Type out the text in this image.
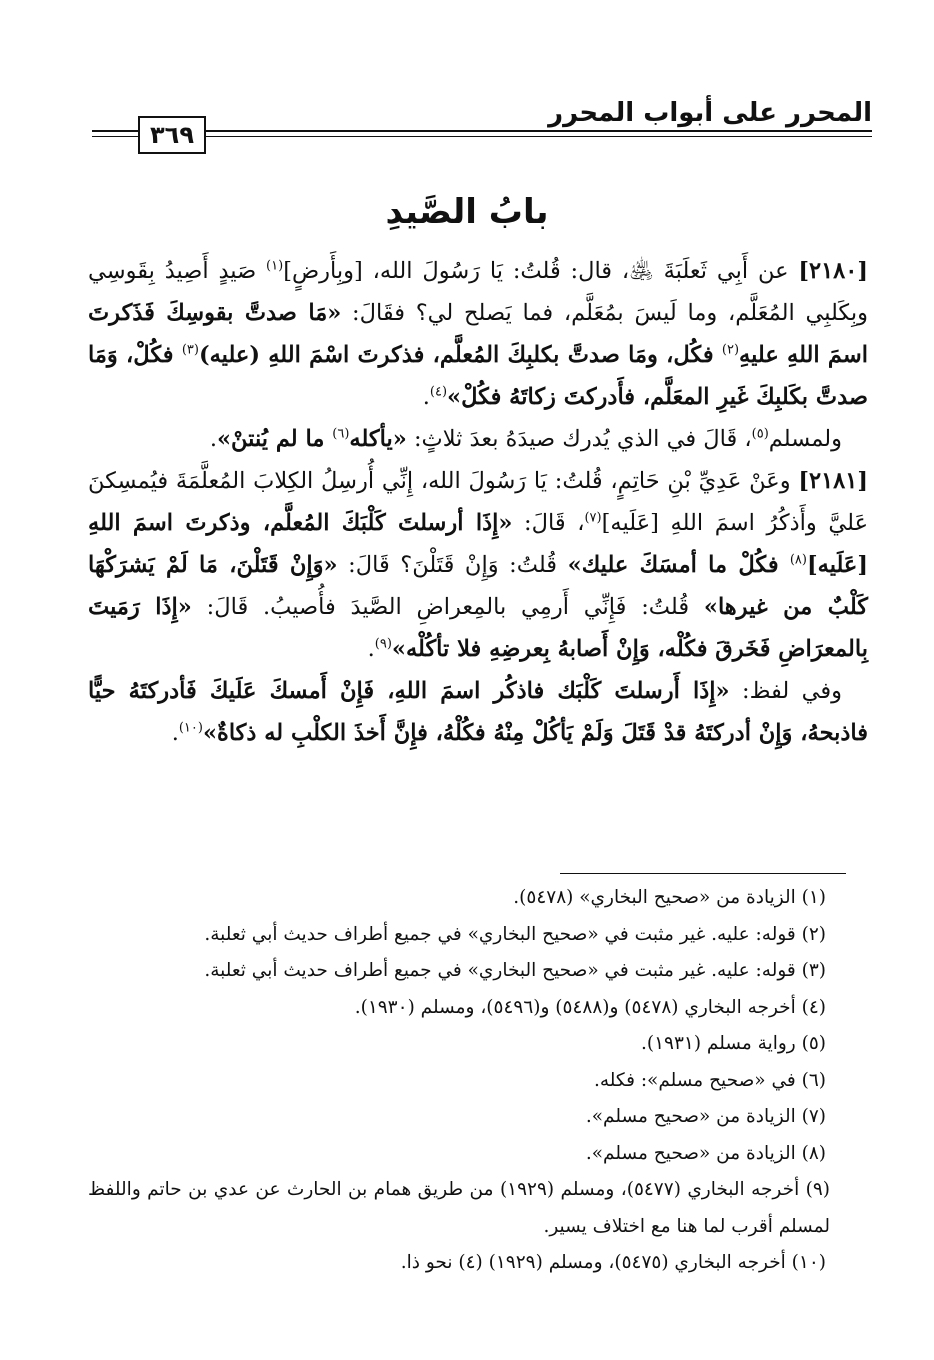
المحرر على أبواب المحرر
٣٦٩
بابُ الصَّيدِ

[٢١٨٠] عن أَبِي ثَعلَبَةَ ﵁، قال: قُلتُ: يَا رَسُولَ الله، [وبِأَرضٍ]$^{(١)}$ صَيدٍ أَصِيدُ بِقَوسِي وبِكَلبِي المُعَلَّم، وما لَيسَ بمُعَلَّم، فما يَصلح لي؟ فقَالَ: «مَا صدتَّ بقوسِكَ فَذَكرتَ اسمَ اللهِ عليهِ$^{(٢)}$ فكُل، ومَا صدتَّ بكلبِكَ المُعلَّم، فذكرتَ اسْمَ اللهِ (عليه)$^{(٣)}$ فكُلْ، وَمَا صدتَّ بكَلبِكَ غَيرِ المعَلَّم، فأَدركتَ زكاتَهُ فكُلْ»$^{(٤)}$.

ولمسلم$^{(٥)}$، قَالَ في الذي يُدرك صيدَهُ بعدَ ثلاثٍ: «يأكله$^{(٦)}$ ما لم يُنتنْ».

[٢١٨١] وعَنْ عَدِيِّ بْنِ حَاتِمٍ، قُلتُ: يَا رَسُولَ الله، إِنِّي أُرسِلُ الكِلابَ المُعلَّمَةَ فيُمسِكنَ عَليَّ وأَذكُرُ اسمَ اللهِ [عَلَيه]$^{(٧)}$، قَالَ: «إِذَا أرسلتَ كَلْبَكَ المُعلَّم، وذكرتَ اسمَ اللهِ [عَلَيه]$^{(٨)}$ فكُلْ ما أمسَكَ عليك» قُلتُ: وَإِنْ قَتَلْنَ؟ قَالَ: «وَإِنْ قَتَلْنَ، مَا لَمْ يَشرَكْهَا كَلْبٌ من غيرها» قُلتُ: فَإِنِّي أَرمِي بالمِعراضِ الصَّيدَ فأُصيبُ. قَالَ: «إِذَا رَمَيتَ بِالمعرَاضِ فَخَرقَ فكُلْه، وَإِنْ أَصابهُ بِعرضِهِ فلا تأكُلْه»$^{(٩)}$.

وفي لفظ: «إِذَا أَرسلتَ كَلْبَك فاذكُر اسمَ اللهِ، فَإِنْ أَمسكَ عَلَيكَ فَأدركتَهُ حيًّا فاذبحهُ، وَإِنْ أدركتَهُ قدْ قَتَلَ وَلَمْ يَأكُلْ مِنْهُ فكُلْهُ، فإِنَّ أَخذَ الكلْبِ له ذكاةٌ»$^{(١٠)}$.

(١) الزيادة من «صحيح البخاري» (٥٤٧٨).

(٢) قوله: عليه. غير مثبت في «صحيح البخاري» في جميع أطراف حديث أبي ثعلبة.

(٣) قوله: عليه. غير مثبت في «صحيح البخاري» في جميع أطراف حديث أبي ثعلبة.

(٤) أخرجه البخاري (٥٤٧٨) و(٥٤٨٨) و(٥٤٩٦)، ومسلم (١٩٣٠).

(٥) رواية مسلم (١٩٣١).

(٦) في «صحيح مسلم»: فكله.

(٧) الزيادة من «صحيح مسلم».

(٨) الزيادة من «صحيح مسلم».

(٩) أخرجه البخاري (٥٤٧٧)، ومسلم (١٩٢٩) من طريق همام بن الحارث عن عدي بن حاتم واللفظ لمسلم أقرب لما هنا مع اختلاف يسير.

(١٠) أخرجه البخاري (٥٤٧٥)، ومسلم (١٩٢٩) (٤) نحو ذا.
